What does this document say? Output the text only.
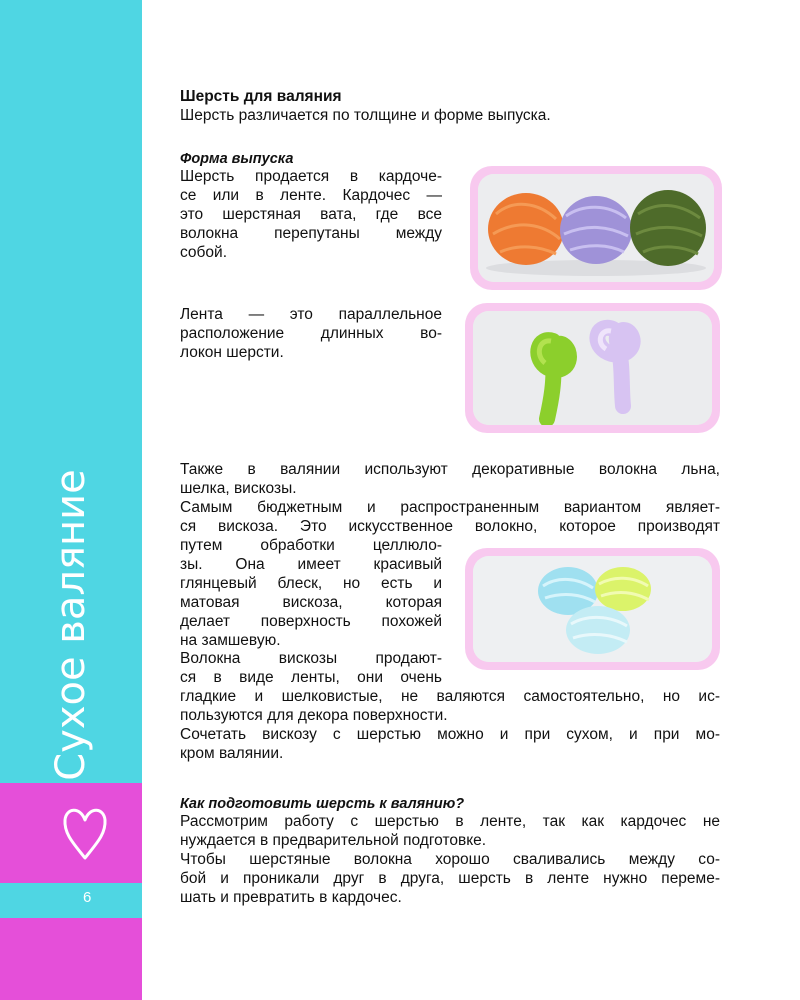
Сухое валяние
6
Шерсть для валяния
Шерсть различается по толщине и форме выпуска.
Форма выпуска
Шерсть продается в кардоче-
се или в ленте. Кардочес —
это шерстяная вата, где все
волокна перепутаны между
собой.
Лента — это параллельное
расположение длинных во-
локон шерсти.
Также в валянии используют декоративные волокна льна,
шелка, вискозы.
Самым бюджетным и распространенным вариантом являет-
ся вискоза. Это искусственное волокно, которое производят
путем обработки целлюло-
зы. Она имеет красивый
глянцевый блеск, но есть и
матовая вискоза, которая
делает поверхность похожей
на замшевую.
Волокна вискозы продают-
ся в виде ленты, они очень
гладкие и шелковистые, не валяются самостоятельно, но ис-
пользуются для декора поверхности.
Сочетать вискозу с шерстью можно и при сухом, и при мо-
кром валянии.
Как подготовить шерсть к валянию?
Рассмотрим работу с шерстью в ленте, так как кардочес не
нуждается в предварительной подготовке.
Чтобы шерстяные волокна хорошо сваливались между со-
бой и проникали друг в друга, шерсть в ленте нужно переме-
шать и превратить в кардочес.
